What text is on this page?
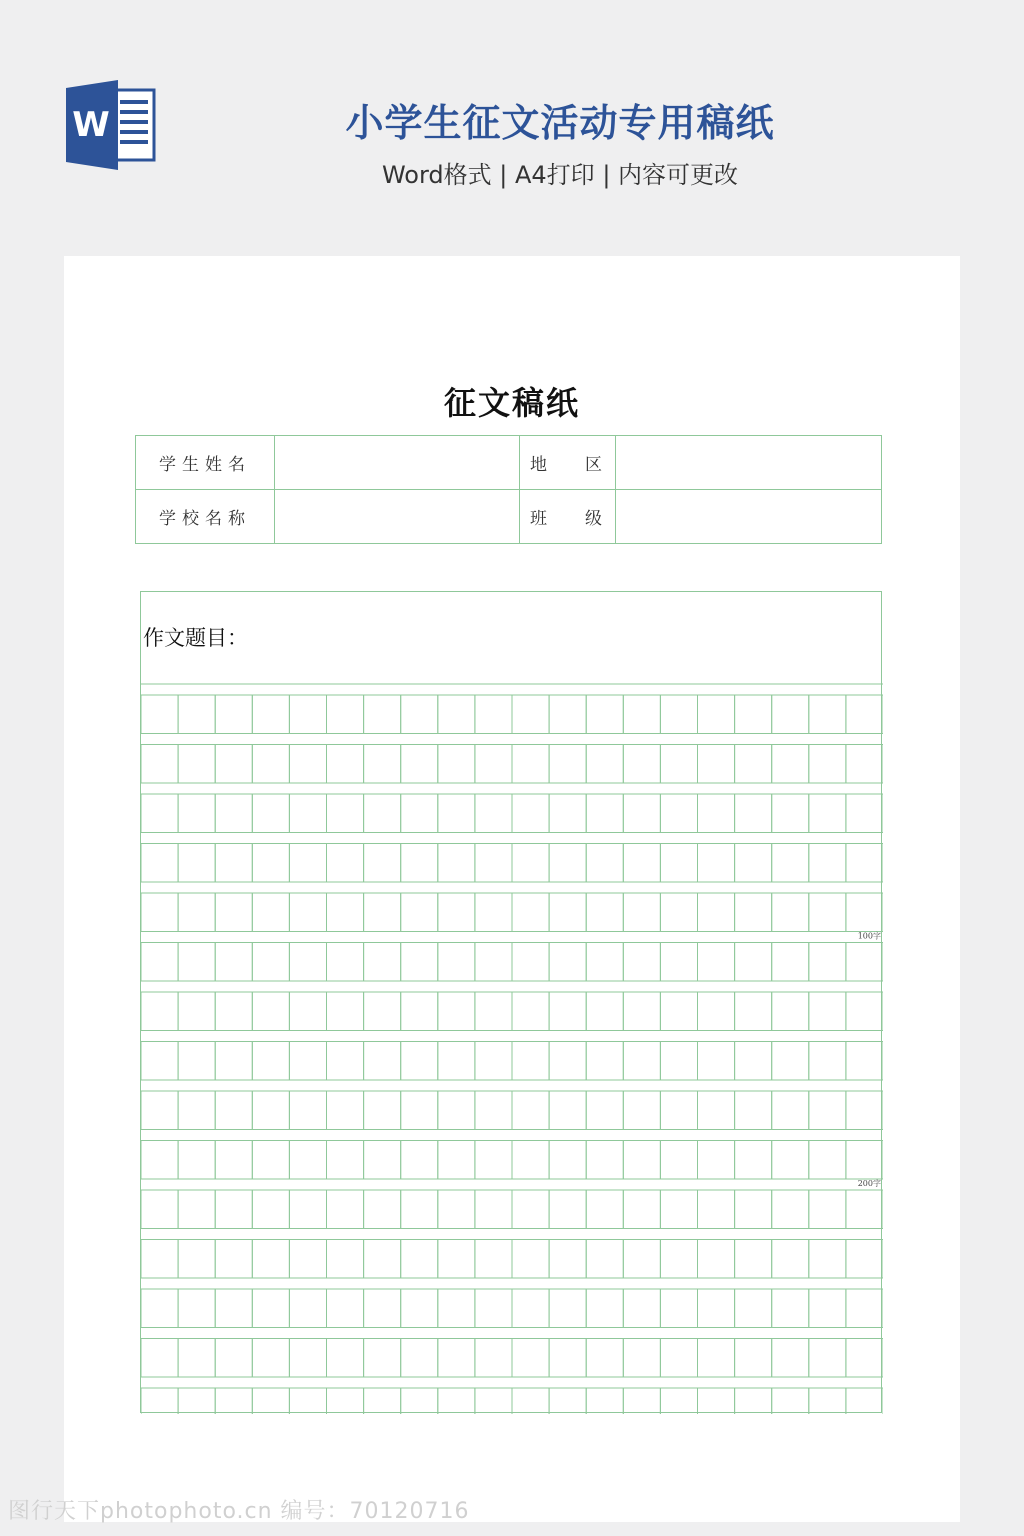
W	小学生征文活动专用稿纸
Word格式 | A4打印 | 内容可更改
征文稿纸
学生姓名		地 区	

学校名称		班 级	

作文题目：
100字
200字
图行天下photophoto.cn 编号：70120716
